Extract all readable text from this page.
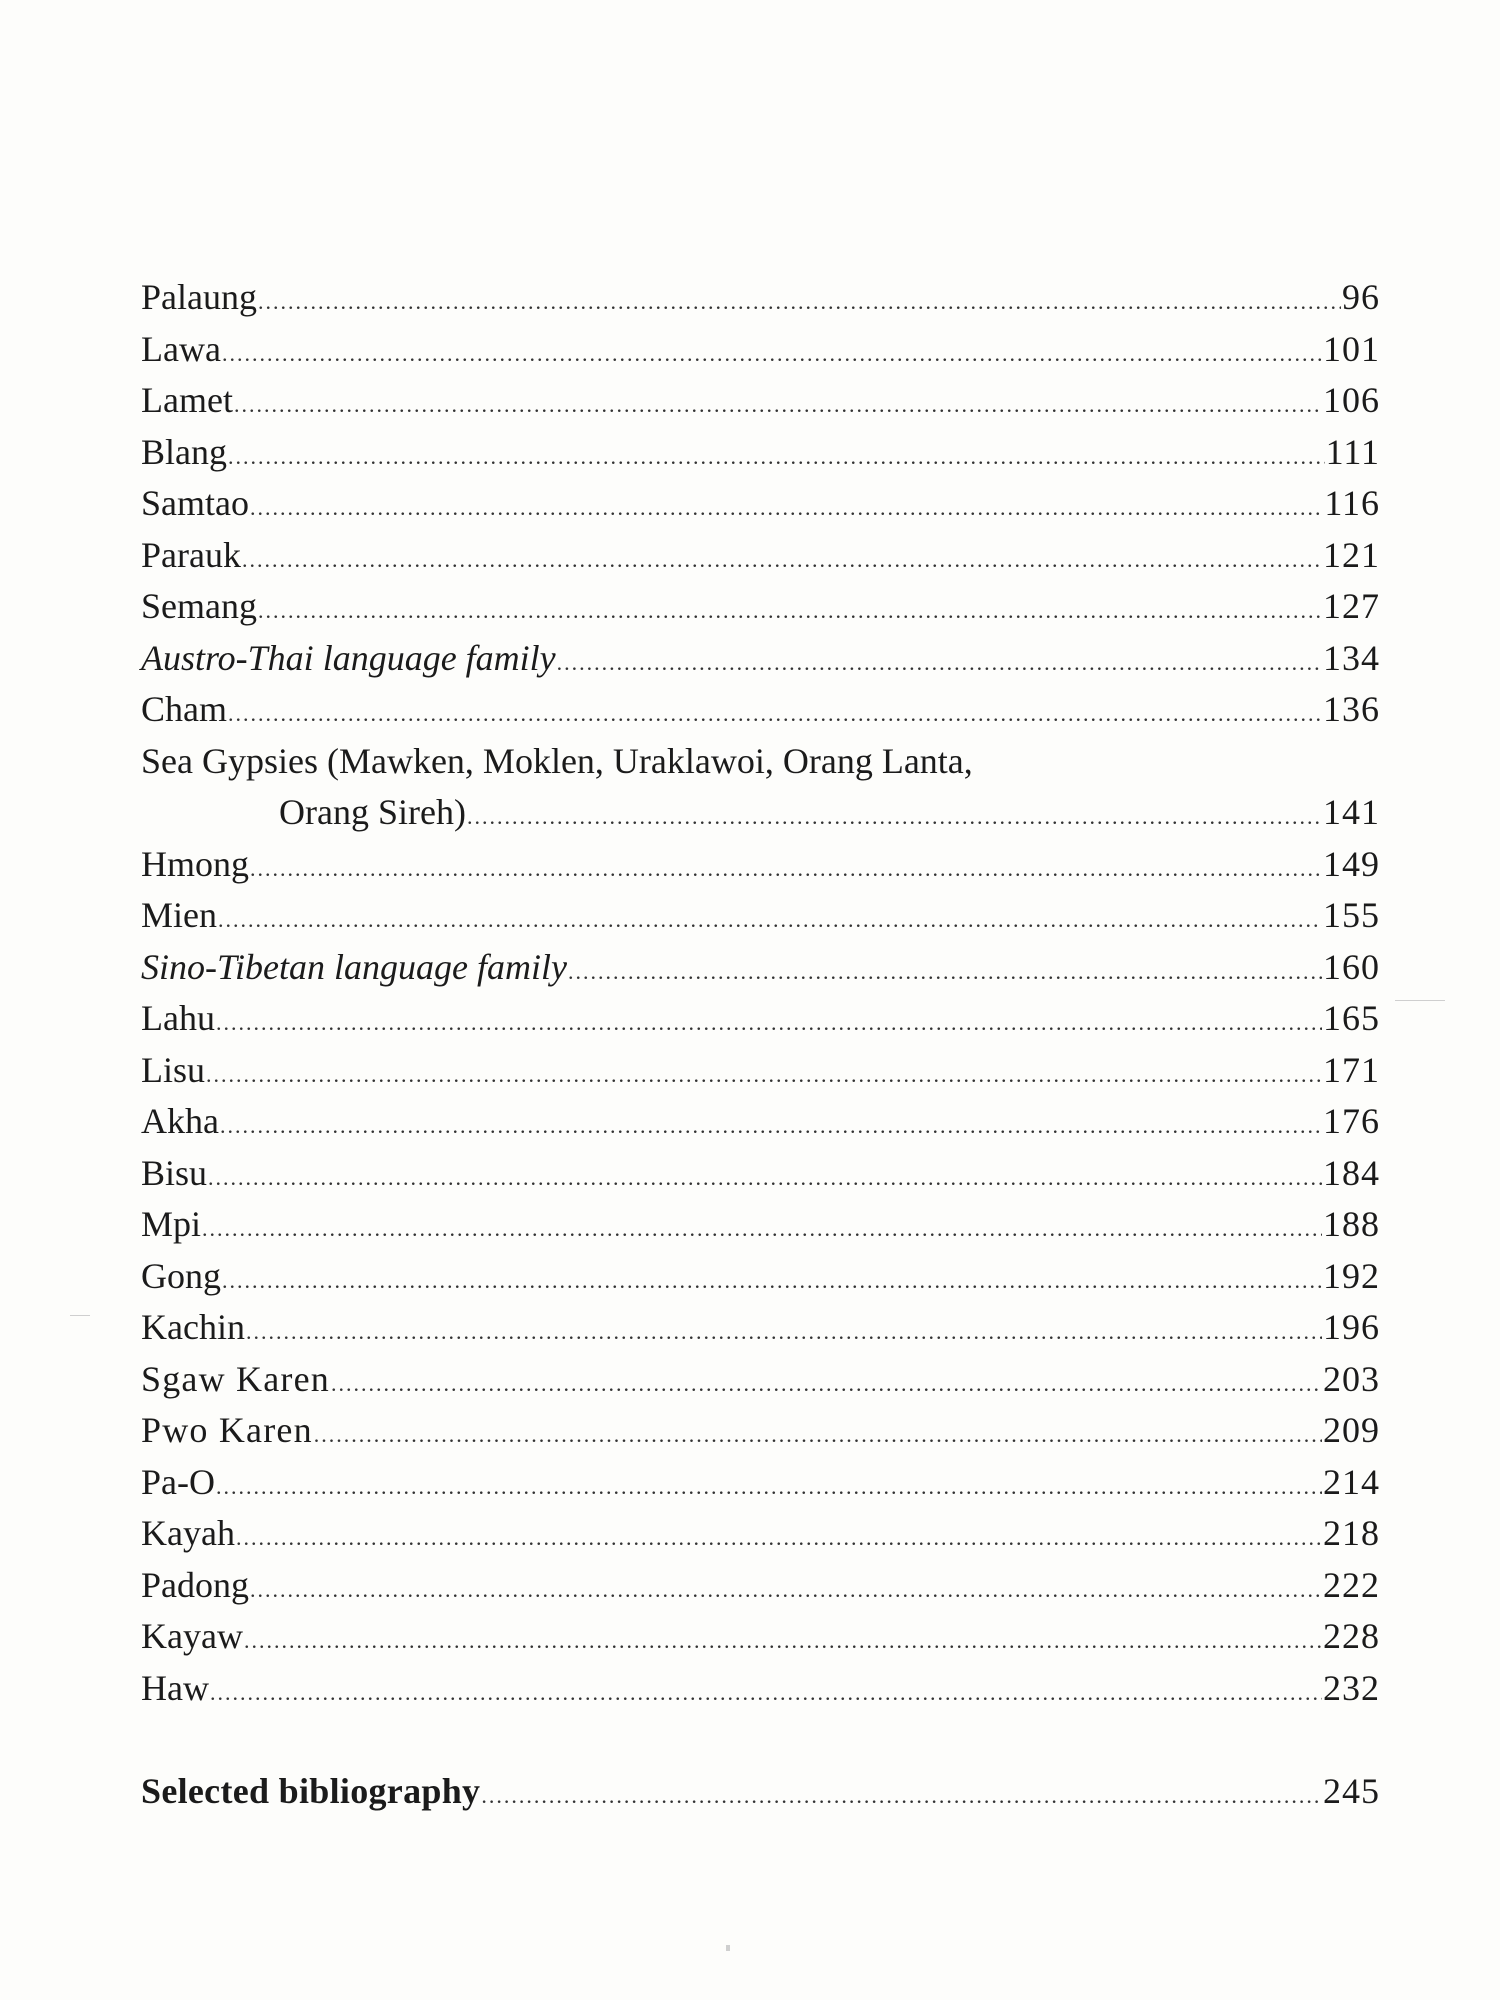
Palaung .....	96
Lawa .....	101
Lamet .....	106
Blang .....	111
Samtao .....	116
Parauk .....	121
Semang .....	127
Austro-Thai language family .....	134
Cham .....	136
Sea Gypsies (Mawken, Moklen, Uraklawoi, Orang Lanta,
Orang Sireh) .....	141
Hmong .....	149
Mien .....	155
Sino-Tibetan language family .....	160
Lahu .....	165
Lisu .....	171
Akha .....	176
Bisu .....	184
Mpi .....	188
Gong .....	192
Kachin .....	196
Sgaw Karen .....	203
Pwo Karen .....	209
Pa-O .....	214
Kayah .....	218
Padong .....	222
Kayaw .....	228
Haw .....	232
Selected bibliography .....	245
